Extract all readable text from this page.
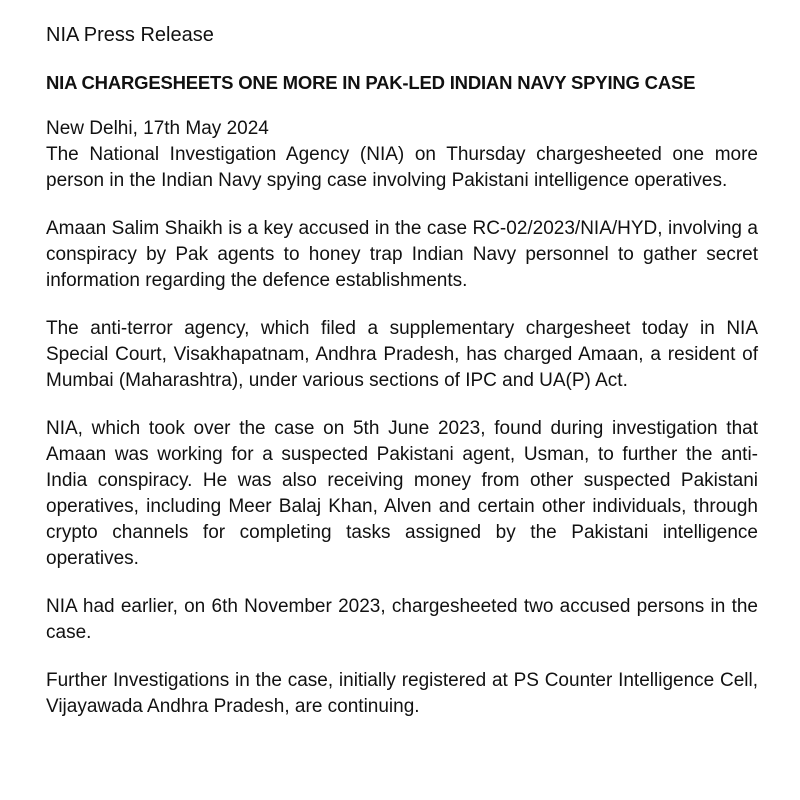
NIA Press Release

NIA CHARGESHEETS ONE MORE IN PAK-LED INDIAN NAVY SPYING CASE

New Delhi, 17th May 2024

The National Investigation Agency (NIA) on Thursday chargesheeted one more person in the Indian Navy spying case involving Pakistani intelligence operatives.

Amaan Salim Shaikh is a key accused in the case RC-02/2023/NIA/HYD, involving a conspiracy by Pak agents to honey trap Indian Navy personnel to gather secret information regarding the defence establishments.

The anti-terror agency, which filed a supplementary chargesheet today in NIA Special Court, Visakhapatnam, Andhra Pradesh, has charged Amaan, a resident of Mumbai (Maharashtra), under various sections of IPC and UA(P) Act.

NIA, which took over the case on 5th June 2023, found during investigation that Amaan was working for a suspected Pakistani agent, Usman, to further the anti-India conspiracy. He was also receiving money from other suspected Pakistani operatives, including Meer Balaj Khan, Alven and certain other individuals, through crypto channels for completing tasks assigned by the Pakistani intelligence operatives.

NIA had earlier, on 6th November 2023, chargesheeted two accused persons in the case.

Further Investigations in the case, initially registered at PS Counter Intelligence Cell, Vijayawada Andhra Pradesh, are continuing.
